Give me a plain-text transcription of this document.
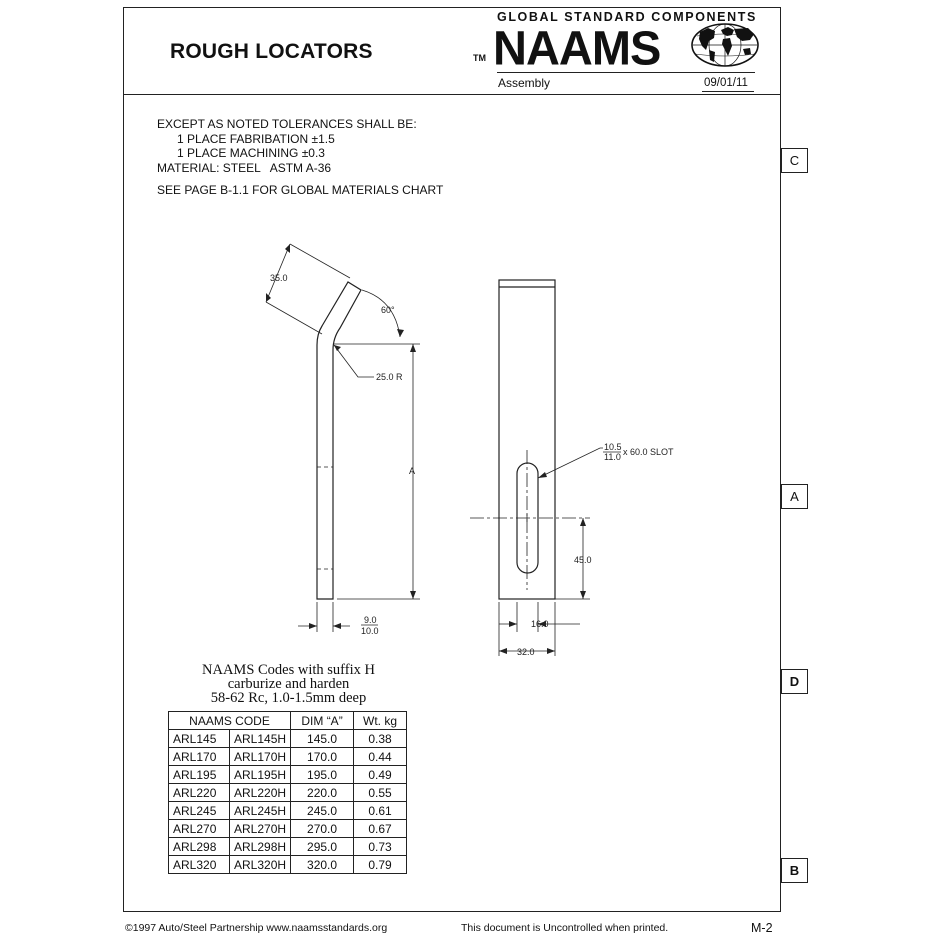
ROUGH LOCATORS
GLOBAL STANDARD COMPONENTS
TM NAAMS
Assembly	09/01/11
EXCEPT AS NOTED TOLERANCES SHALL BE:
1 PLACE FABRIBATION ±1.5
1 PLACE MACHINING ±0.3
MATERIAL: STEEL   ASTM A-36
SEE PAGE B-1.1 FOR GLOBAL MATERIALS CHART
35.0
60°
25.0 R
A
9.0
10.0
10.5
11.0 x 60.0 SLOT
45.0
16.0
32.0
C
A
D
B
NAAMS Codes with suffix H
carburize and harden
58-62 Rc, 1.0-1.5mm deep
NAAMS CODE		DIM “A”	Wt. kg
ARL145	ARL145H	145.0	0.38
ARL170	ARL170H	170.0	0.44
ARL195	ARL195H	195.0	0.49
ARL220	ARL220H	220.0	0.55
ARL245	ARL245H	245.0	0.61
ARL270	ARL270H	270.0	0.67
ARL298	ARL298H	295.0	0.73
ARL320	ARL320H	320.0	0.79
©1997 Auto/Steel Partnership www.naamsstandards.org	This document is Uncontrolled when printed.	M-2
